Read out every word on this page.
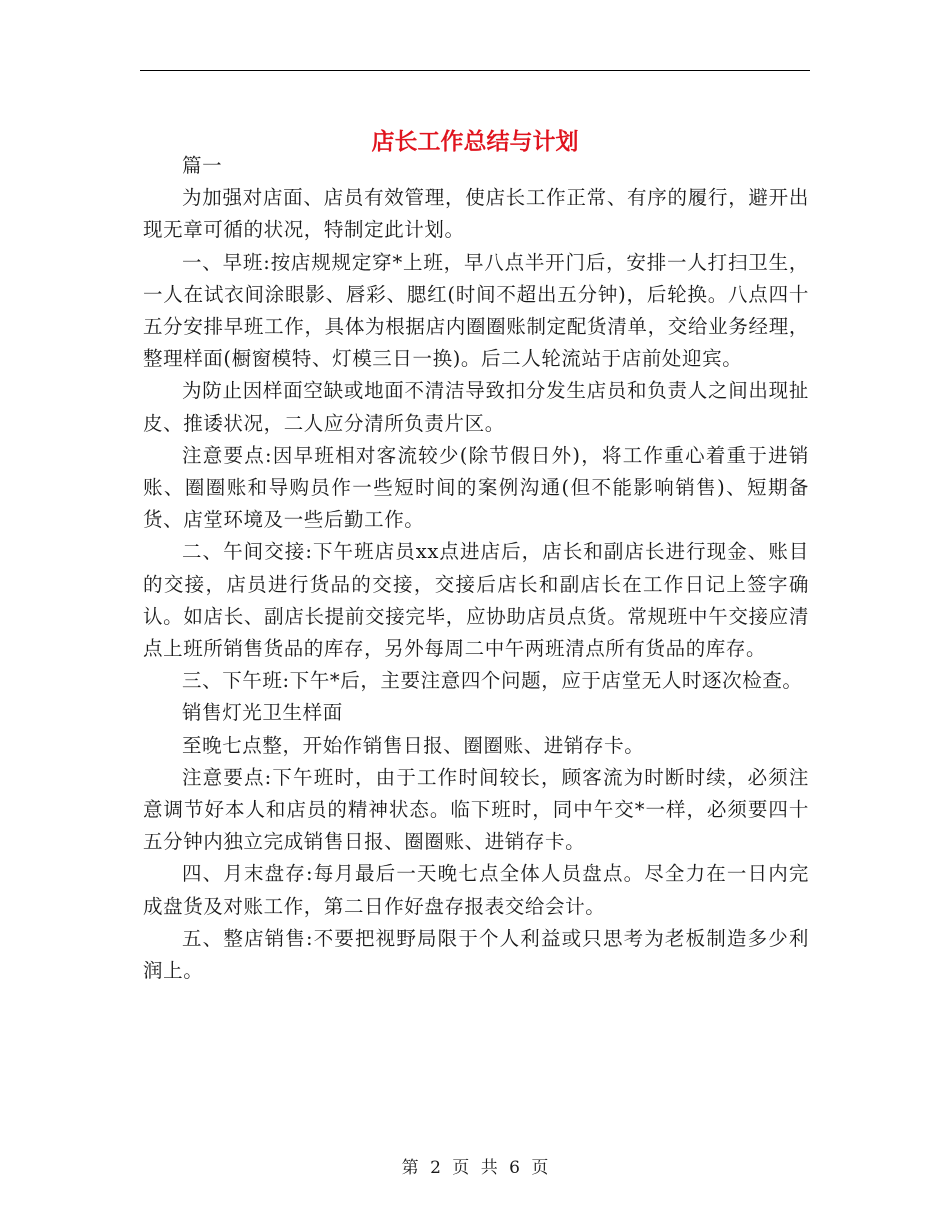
店长工作总结与计划

篇一

为加强对店面、店员有效管理，使店长工作正常、有序的履行，避开出现无章可循的状况，特制定此计划。

一、早班:按店规规定穿*上班，早八点半开门后，安排一人打扫卫生，一人在试衣间涂眼影、唇彩、腮红(时间不超出五分钟)，后轮换。八点四十五分安排早班工作，具体为根据店内圈圈账制定配货清单，交给业务经理，整理样面(橱窗模特、灯模三日一换)。后二人轮流站于店前处迎宾。

为防止因样面空缺或地面不清洁导致扣分发生店员和负责人之间出现扯皮、推诿状况，二人应分清所负责片区。

注意要点:因早班相对客流较少(除节假日外)，将工作重心着重于进销账、圈圈账和导购员作一些短时间的案例沟通(但不能影响销售)、短期备货、店堂环境及一些后勤工作。

二、午间交接:下午班店员xx点进店后，店长和副店长进行现金、账目的交接，店员进行货品的交接，交接后店长和副店长在工作日记上签字确认。如店长、副店长提前交接完毕，应协助店员点货。常规班中午交接应清点上班所销售货品的库存，另外每周二中午两班清点所有货品的库存。

三、下午班:下午*后，主要注意四个问题，应于店堂无人时逐次检查。

销售灯光卫生样面

至晚七点整，开始作销售日报、圈圈账、进销存卡。

注意要点:下午班时，由于工作时间较长，顾客流为时断时续，必须注意调节好本人和店员的精神状态。临下班时，同中午交*一样，必须要四十五分钟内独立完成销售日报、圈圈账、进销存卡。

四、月末盘存:每月最后一天晚七点全体人员盘点。尽全力在一日内完成盘货及对账工作，第二日作好盘存报表交给会计。

五、整店销售:不要把视野局限于个人利益或只思考为老板制造多少利润上。

第 2 页 共 6 页
